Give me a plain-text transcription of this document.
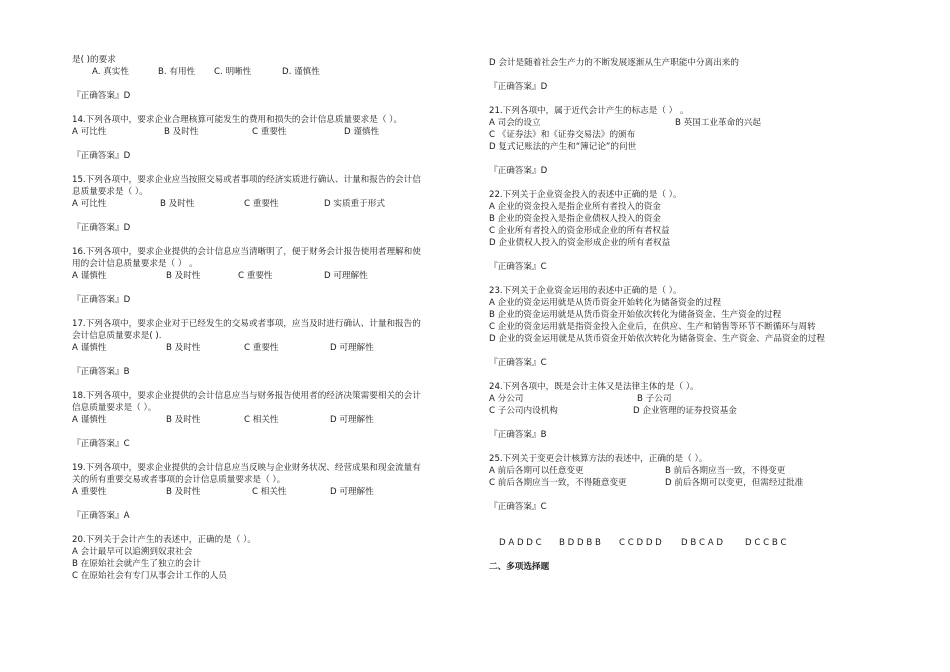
是( )的要求
A. 真实性	B. 有用性 C. 明晰性	D. 谨慎性
『正确答案』D
14.下列各项中，要求企业合理核算可能发生的费用和损失的会计信息质量要求是（ ）。
A 可比性	B 及时性	C 重要性	D 谨慎性
『正确答案』D
15.下列各项中，要求企业应当按照交易或者事项的经济实质进行确认、计量和报告的会计信
息质量要求是（ ）。
A 可比性	B 及时性	C 重要性	D 实质重于形式
『正确答案』D
16.下列各项中，要求企业提供的会计信息应当清晰明了，便于财务会计报告使用者理解和使
用的会计信息质量要求是（ ） 。
A 谨慎性	B 及时性	C 重要性	D 可理解性
『正确答案』D
17.下列各项中，要求企业对于已经发生的交易或者事项，应当及时进行确认、计量和报告的
会计信息质量要求是( ).
A 谨慎性	B 及时性	C 重要性	D 可理解性
『正确答案』B
18.下列各项中，要求企业提供的会计信息应当与财务报告使用者的经济决策需要相关的会计
信息质量要求是（ ）。
A 谨慎性	B 及时性	C 相关性	D 可理解性
『正确答案』C
19.下列各项中，要求企业提供的会计信息应当反映与企业财务状况、经营成果和现金流量有
关的所有重要交易或者事项的会计信息质量要求是（ ）。
A 重要性	B 及时性	C 相关性	D 可理解性
『正确答案』A
20.下列关于会计产生的表述中，正确的是（ ）。
A 会计最早可以追溯到奴隶社会
B 在原始社会就产生了独立的会计
C 在原始社会有专门从事会计工作的人员
D 会计是随着社会生产力的不断发展逐渐从生产职能中分离出来的
『正确答案』D
21.下列各项中，属于近代会计产生的标志是（ ） 。
A 司会的设立	B 英国工业革命的兴起
C 《证券法》和《证券交易法》的颁布
D 复式记账法的产生和“簿记论”的问世
『正确答案』D
22.下列关于企业资金投入的表述中正确的是（ ）。
A 企业的资金投入是指企业所有者投入的资金
B 企业的资金投入是指企业债权人投入的资金
C 企业所有者投入的资金形成企业的所有者权益
D 企业债权人投入的资金形成企业的所有者权益
『正确答案』C
23.下列关于企业资金运用的表述中正确的是（ ）。
A 企业的资金运用就是从货币资金开始转化为储备资金的过程
B 企业的资金运用就是从货币资金开始依次转化为储备资金、生产资金的过程
C 企业的资金运用就是指资金投入企业后，在供应、生产和销售等环节不断循环与周转
D 企业的资金运用就是从货币资金开始依次转化为储备资金、生产资金、产品资金的过程
『正确答案』C
24.下列各项中，既是会计主体又是法律主体的是（ ）。
A 分公司	B 子公司
C 子公司内设机构	D 企业管理的证券投资基金
『正确答案』B
25.下列关于变更会计核算方法的表述中，正确的是（ ）。
A 前后各期可以任意变更	B 前后各期应当一致，不得变更
C 前后各期应当一致，不得随意变更	D 前后各期可以变更，但需经过批准
『正确答案』C

D A D D C

B D D B B

C C D D D

D B C A D

	D C C B C

二、多项选择题
